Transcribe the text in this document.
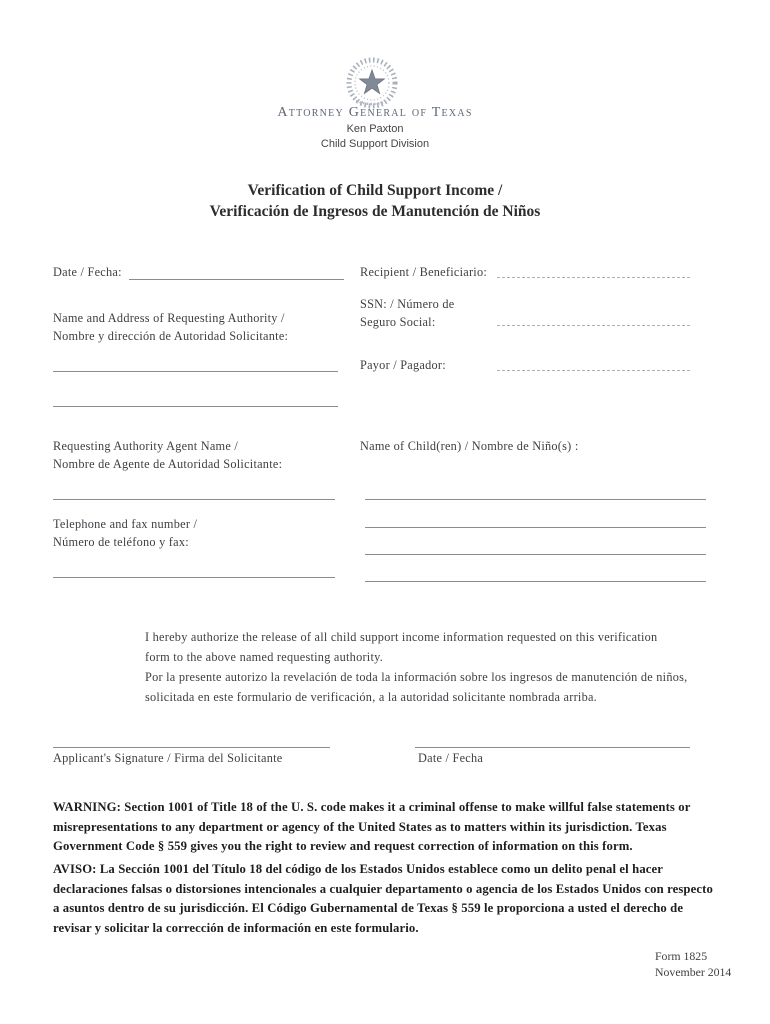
Attorney General of Texas
Ken Paxton
Child Support Division
Verification of Child Support Income /
Verificación de Ingresos de Manutención de Niños
Date / Fecha:	Recipient / Beneficiario:
SSN: / Número de
Seguro Social:
Name and Address of Requesting Authority /
Nombre y dirección de Autoridad Solicitante:
Payor / Pagador:
Requesting Authority Agent Name /
Nombre de Agente de Autoridad Solicitante:
Name of Child(ren) / Nombre de Niño(s) :
Telephone and fax number /
Número de teléfono y fax:
I hereby authorize the release of all child support income information requested on this verification
form to the above named requesting authority.
Por la presente autorizo la revelación de toda la información sobre los ingresos de manutención de niños,
solicitada en este formulario de verificación, a la autoridad solicitante nombrada arriba.
Applicant's Signature / Firma del Solicitante	Date / Fecha
WARNING: Section 1001 of Title 18 of the U. S. code makes it a criminal offense to make willful false statements or
misrepresentations to any department or agency of the United States as to matters within its jurisdiction. Texas
Government Code § 559 gives you the right to review and request correction of information on this form.
AVISO: La Sección 1001 del Título 18 del código de los Estados Unidos establece como un delito penal el hacer
declaraciones falsas o distorsiones intencionales a cualquier departamento o agencia de los Estados Unidos con respecto
a asuntos dentro de su jurisdicción. El Código Gubernamental de Texas § 559 le proporciona a usted el derecho de
revisar y solicitar la corrección de información en este formulario.
Form 1825
November 2014
